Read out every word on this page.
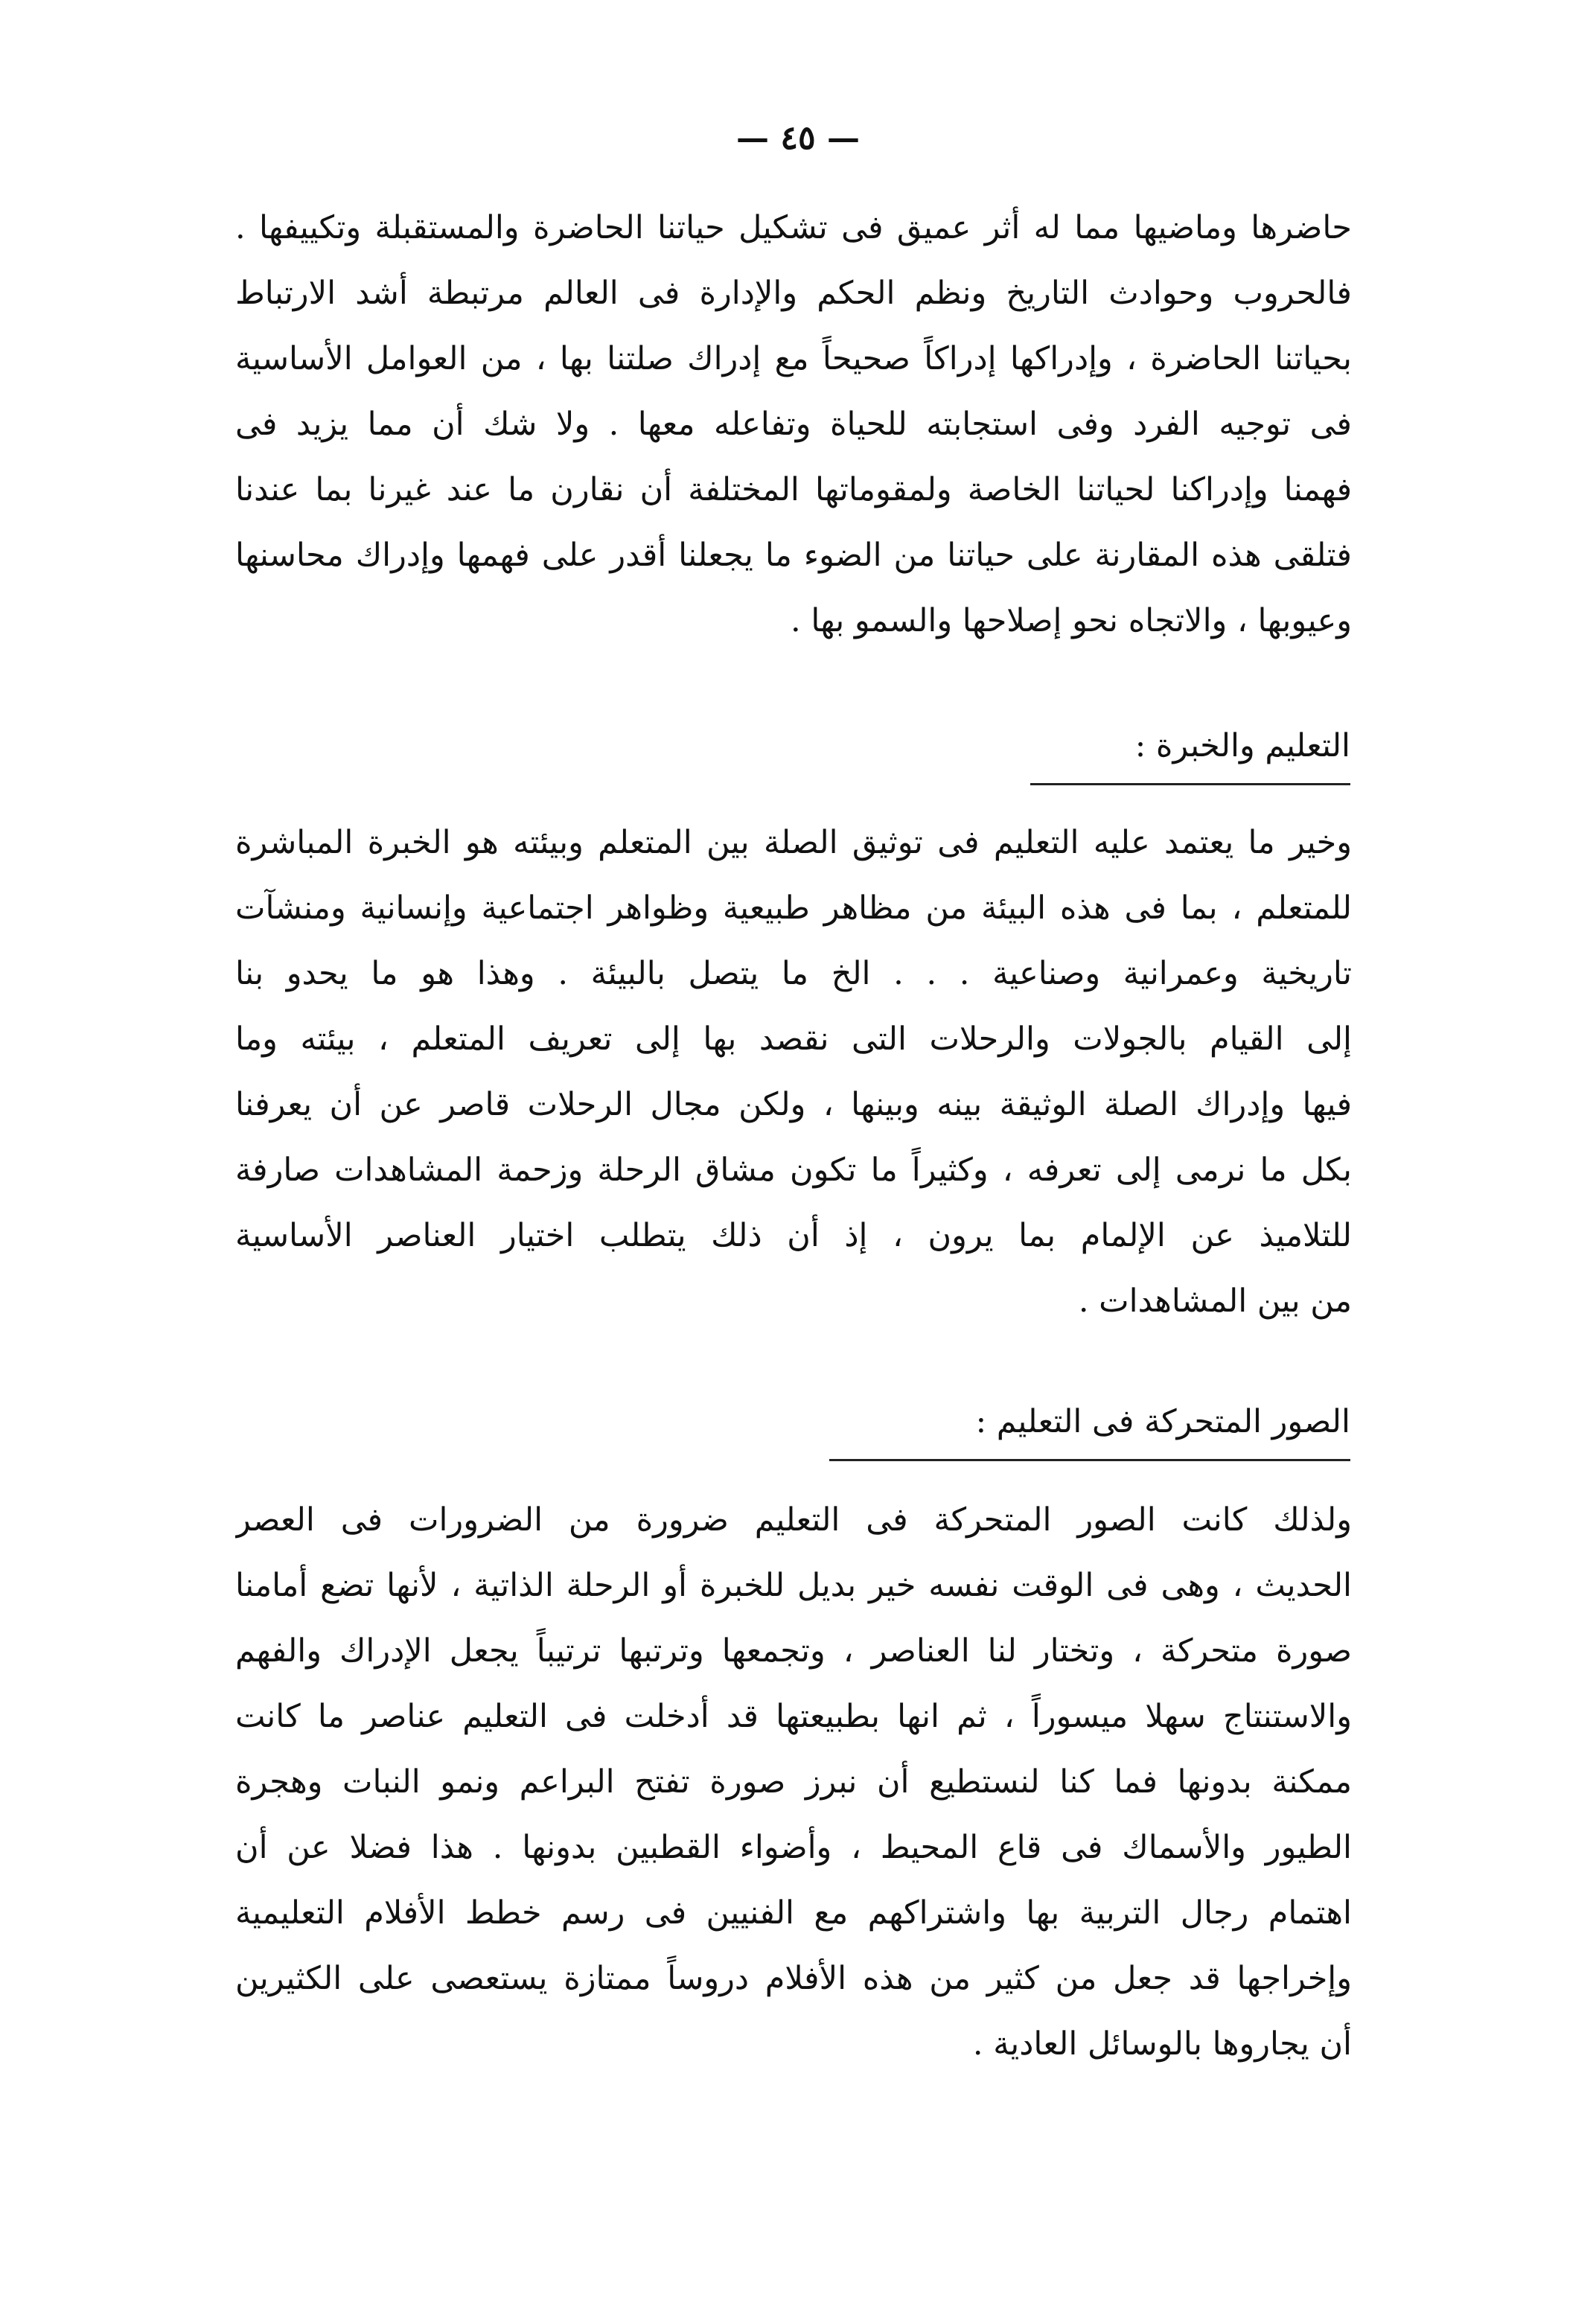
— ٤٥ —
حاضرها وماضيها مما له أثر عميق فى تشكيل حياتنا الحاضرة والمستقبلة وتكييفها .
فالحروب وحوادث التاريخ ونظم الحكم والإدارة فى العالم مرتبطة أشد الارتباط
بحياتنا الحاضرة ، وإدراكها إدراكاً صحيحاً مع إدراك صلتنا بها ، من العوامل الأساسية
فى توجيه الفرد وفى استجابته للحياة وتفاعله معها . ولا شك أن مما يزيد فى
فهمنا وإدراكنا لحياتنا الخاصة ولمقوماتها المختلفة أن نقارن ما عند غيرنا بما عندنا
فتلقى هذه المقارنة على حياتنا من الضوء ما يجعلنا أقدر على فهمها وإدراك محاسنها
وعيوبها ، والاتجاه نحو إصلاحها والسمو بها .
التعليم والخبرة :
وخير ما يعتمد عليه التعليم فى توثيق الصلة بين المتعلم وبيئته هو الخبرة المباشرة
للمتعلم ، بما فى هذه البيئة من مظاهر طبيعية وظواهر اجتماعية وإنسانية ومنشآت
تاريخية وعمرانية وصناعية . . . الخ ما يتصل بالبيئة . وهذا هو ما يحدو بنا
إلى القيام بالجولات والرحلات التى نقصد بها إلى تعريف المتعلم ، بيئته وما
فيها وإدراك الصلة الوثيقة بينه وبينها ، ولكن مجال الرحلات قاصر عن أن يعرفنا
بكل ما نرمى إلى تعرفه ، وكثيراً ما تكون مشاق الرحلة وزحمة المشاهدات صارفة
للتلاميذ عن الإلمام بما يرون ، إذ أن ذلك يتطلب اختيار العناصر الأساسية
من بين المشاهدات .
الصور المتحركة فى التعليم :
ولذلك كانت الصور المتحركة فى التعليم ضرورة من الضرورات فى العصر
الحديث ، وهى فى الوقت نفسه خير بديل للخبرة أو الرحلة الذاتية ، لأنها تضع أمامنا
صورة متحركة ، وتختار لنا العناصر ، وتجمعها وترتبها ترتيباً يجعل الإدراك والفهم
والاستنتاج سهلا ميسوراً ، ثم انها بطبيعتها قد أدخلت فى التعليم عناصر ما كانت
ممكنة بدونها فما كنا لنستطيع أن نبرز صورة تفتح البراعم ونمو النبات وهجرة
الطيور والأسماك فى قاع المحيط ، وأضواء القطبين بدونها . هذا فضلا عن أن
اهتمام رجال التربية بها واشتراكهم مع الفنيين فى رسم خطط الأفلام التعليمية
وإخراجها قد جعل من كثير من هذه الأفلام دروساً ممتازة يستعصى على الكثيرين
أن يجاروها بالوسائل العادية .
